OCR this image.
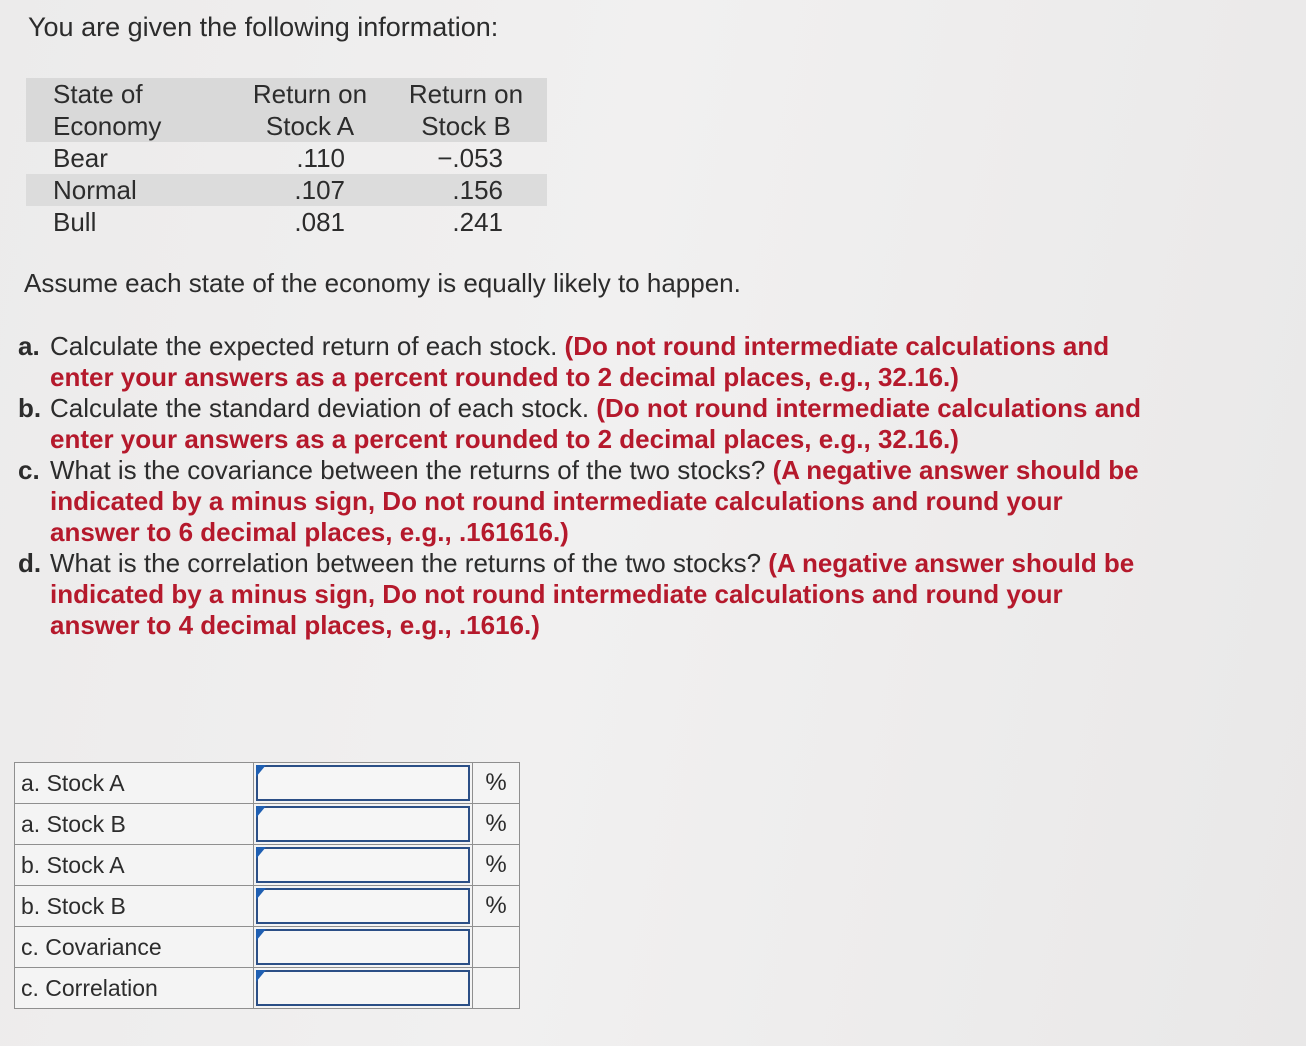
You are given the following information:

State of	Return on	Return on
Economy	Stock A	Stock B
Bear	.110	−.053
Normal	.107	.156
Bull	.081	.241

Assume each state of the economy is equally likely to happen.

a. Calculate the expected return of each stock. (Do not round intermediate calculations and enter your answers as a percent rounded to 2 decimal places, e.g., 32.16.)
b. Calculate the standard deviation of each stock. (Do not round intermediate calculations and enter your answers as a percent rounded to 2 decimal places, e.g., 32.16.)
c. What is the covariance between the returns of the two stocks? (A negative answer should be indicated by a minus sign, Do not round intermediate calculations and round your answer to 6 decimal places, e.g., .161616.)
d. What is the correlation between the returns of the two stocks? (A negative answer should be indicated by a minus sign, Do not round intermediate calculations and round your answer to 4 decimal places, e.g., .1616.)
a. Stock A		%
a. Stock B		%
b. Stock A		%
b. Stock B		%
c. Covariance	

c. Correlation	
